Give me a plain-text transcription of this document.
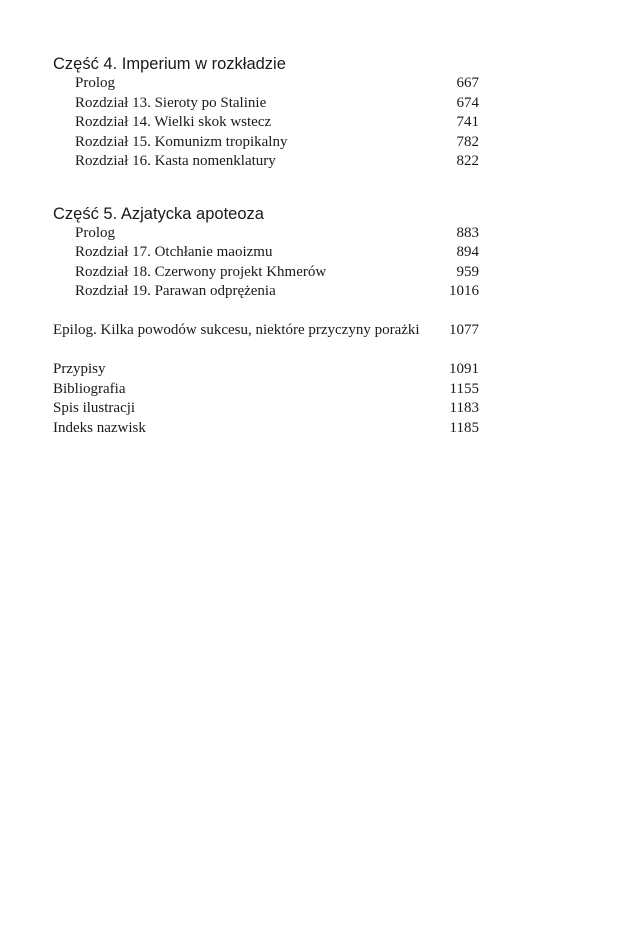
Część 4. Imperium w rozkładzie
Prolog	667
Rozdział 13. Sieroty po Stalinie	674
Rozdział 14. Wielki skok wstecz	741
Rozdział 15. Komunizm tropikalny	782
Rozdział 16. Kasta nomenklatury	822
Część 5. Azjatycka apoteoza
Prolog	883
Rozdział 17. Otchłanie maoizmu	894
Rozdział 18. Czerwony projekt Khmerów	959
Rozdział 19. Parawan odprężenia	1016
Epilog. Kilka powodów sukcesu, niektóre przyczyny porażki 1077
Przypisy	1091
Bibliografia	1155
Spis ilustracji	1183
Indeks nazwisk	1185
